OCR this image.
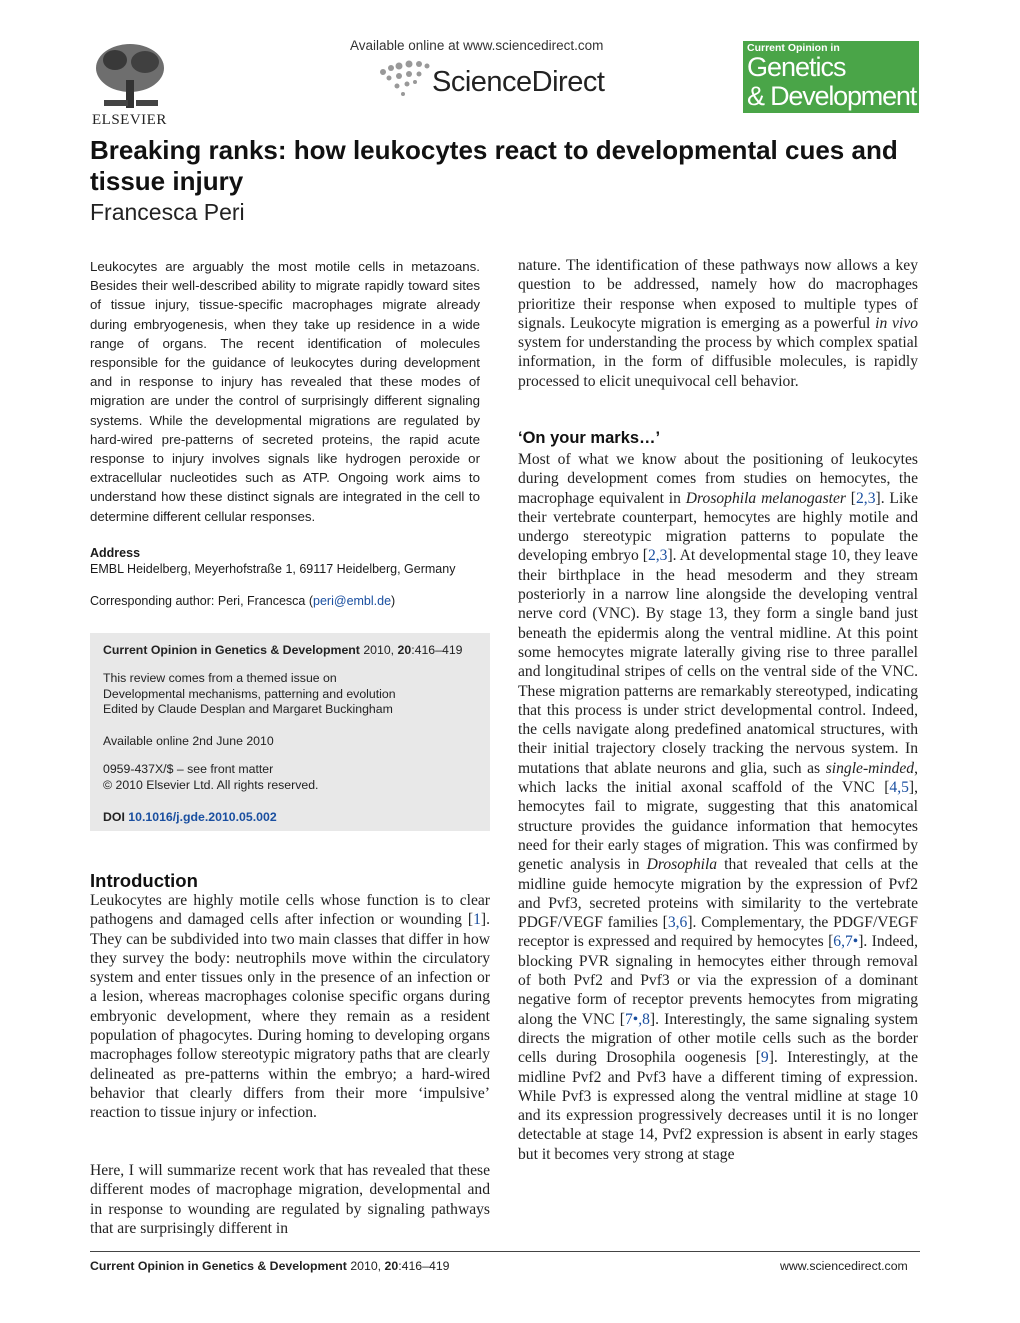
ELSEVIER
Available online at www.sciencedirect.com
ScienceDirect
Current Opinion in
Genetics
& Development
Breaking ranks: how leukocytes react to developmental cues and tissue injury
Francesca Peri
Leukocytes are arguably the most motile cells in metazoans. Besides their well-described ability to migrate rapidly toward sites of tissue injury, tissue-specific macrophages migrate already during embryogenesis, when they take up residence in a wide range of organs. The recent identification of molecules responsible for the guidance of leukocytes during development and in response to injury has revealed that these modes of migration are under the control of surprisingly different signaling systems. While the developmental migrations are regulated by hard-wired pre-patterns of secreted proteins, the rapid acute response to injury involves signals like hydrogen peroxide or extracellular nucleotides such as ATP. Ongoing work aims to understand how these distinct signals are integrated in the cell to determine different cellular responses.
Address
EMBL Heidelberg, Meyerhofstraße 1, 69117 Heidelberg, Germany
Corresponding author: Peri, Francesca (peri@embl.de)
Current Opinion in Genetics & Development 2010, 20:416–419
This review comes from a themed issue on
Developmental mechanisms, patterning and evolution
Edited by Claude Desplan and Margaret Buckingham
Available online 2nd June 2010
0959-437X/$ – see front matter
© 2010 Elsevier Ltd. All rights reserved.
DOI 10.1016/j.gde.2010.05.002
Introduction
Leukocytes are highly motile cells whose function is to clear pathogens and damaged cells after infection or wounding [1]. They can be subdivided into two main classes that differ in how they survey the body: neutrophils move within the circulatory system and enter tissues only in the presence of an infection or a lesion, whereas macrophages colonise specific organs during embryonic development, where they remain as a resident population of phagocytes. During homing to developing organs macrophages follow stereotypic migratory paths that are clearly delineated as pre-patterns within the embryo; a hard-wired behavior that clearly differs from their more ‘impulsive’ reaction to tissue injury or infection.
Here, I will summarize recent work that has revealed that these different modes of macrophage migration, developmental and in response to wounding are regulated by signaling pathways that are surprisingly different in
nature. The identification of these pathways now allows a key question to be addressed, namely how do macrophages prioritize their response when exposed to multiple types of signals. Leukocyte migration is emerging as a powerful in vivo system for understanding the process by which complex spatial information, in the form of diffusible molecules, is rapidly processed to elicit unequivocal cell behavior.
‘On your marks…’
Most of what we know about the positioning of leukocytes during development comes from studies on hemocytes, the macrophage equivalent in Drosophila melanogaster [2,3]. Like their vertebrate counterpart, hemocytes are highly motile and undergo stereotypic migration patterns to populate the developing embryo [2,3]. At developmental stage 10, they leave their birthplace in the head mesoderm and they stream posteriorly in a narrow line alongside the developing ventral nerve cord (VNC). By stage 13, they form a single band just beneath the epidermis along the ventral midline. At this point some hemocytes migrate laterally giving rise to three parallel and longitudinal stripes of cells on the ventral side of the VNC. These migration patterns are remarkably stereotyped, indicating that this process is under strict developmental control. Indeed, the cells navigate along predefined anatomical structures, with their initial trajectory closely tracking the nervous system. In mutations that ablate neurons and glia, such as single-minded, which lacks the initial axonal scaffold of the VNC [4,5], hemocytes fail to migrate, suggesting that this anatomical structure provides the guidance information that hemocytes need for their early stages of migration. This was confirmed by genetic analysis in Drosophila that revealed that cells at the midline guide hemocyte migration by the expression of Pvf2 and Pvf3, secreted proteins with similarity to the vertebrate PDGF/VEGF families [3,6]. Complementary, the PDGF/VEGF receptor is expressed and required by hemocytes [6,7•]. Indeed, blocking PVR signaling in hemocytes either through removal of both Pvf2 and Pvf3 or via the expression of a dominant negative form of receptor prevents hemocytes from migrating along the VNC [7•,8]. Interestingly, the same signaling system directs the migration of other motile cells such as the border cells during Drosophila oogenesis [9]. Interestingly, at the midline Pvf2 and Pvf3 have a different timing of expression. While Pvf3 is expressed along the ventral midline at stage 10 and its expression progressively decreases until it is no longer detectable at stage 14, Pvf2 expression is absent in early stages but it becomes very strong at stage
Current Opinion in Genetics & Development 2010, 20:416–419	www.sciencedirect.com
